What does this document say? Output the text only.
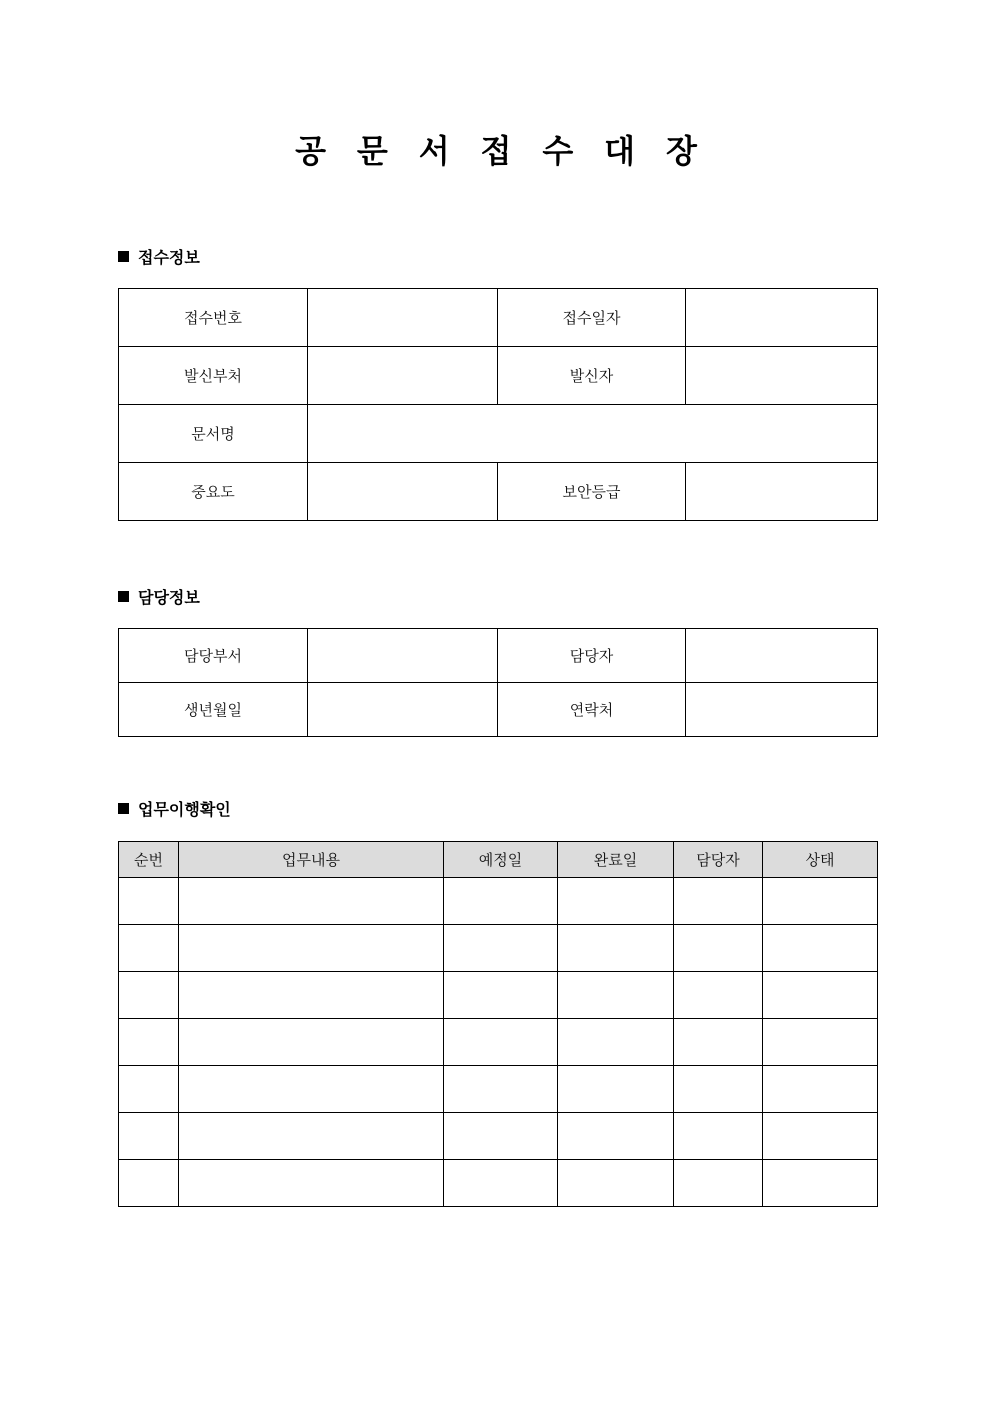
공 문 서 접 수 대 장
접수정보
접수번호		접수일자	
발신부처		발신자	
문서명			
중요도		보안등급	
담당정보
담당부서		담당자	
생년월일		연락처	
업무이행확인
순번	업무내용	예정일	완료일	담당자	상태
